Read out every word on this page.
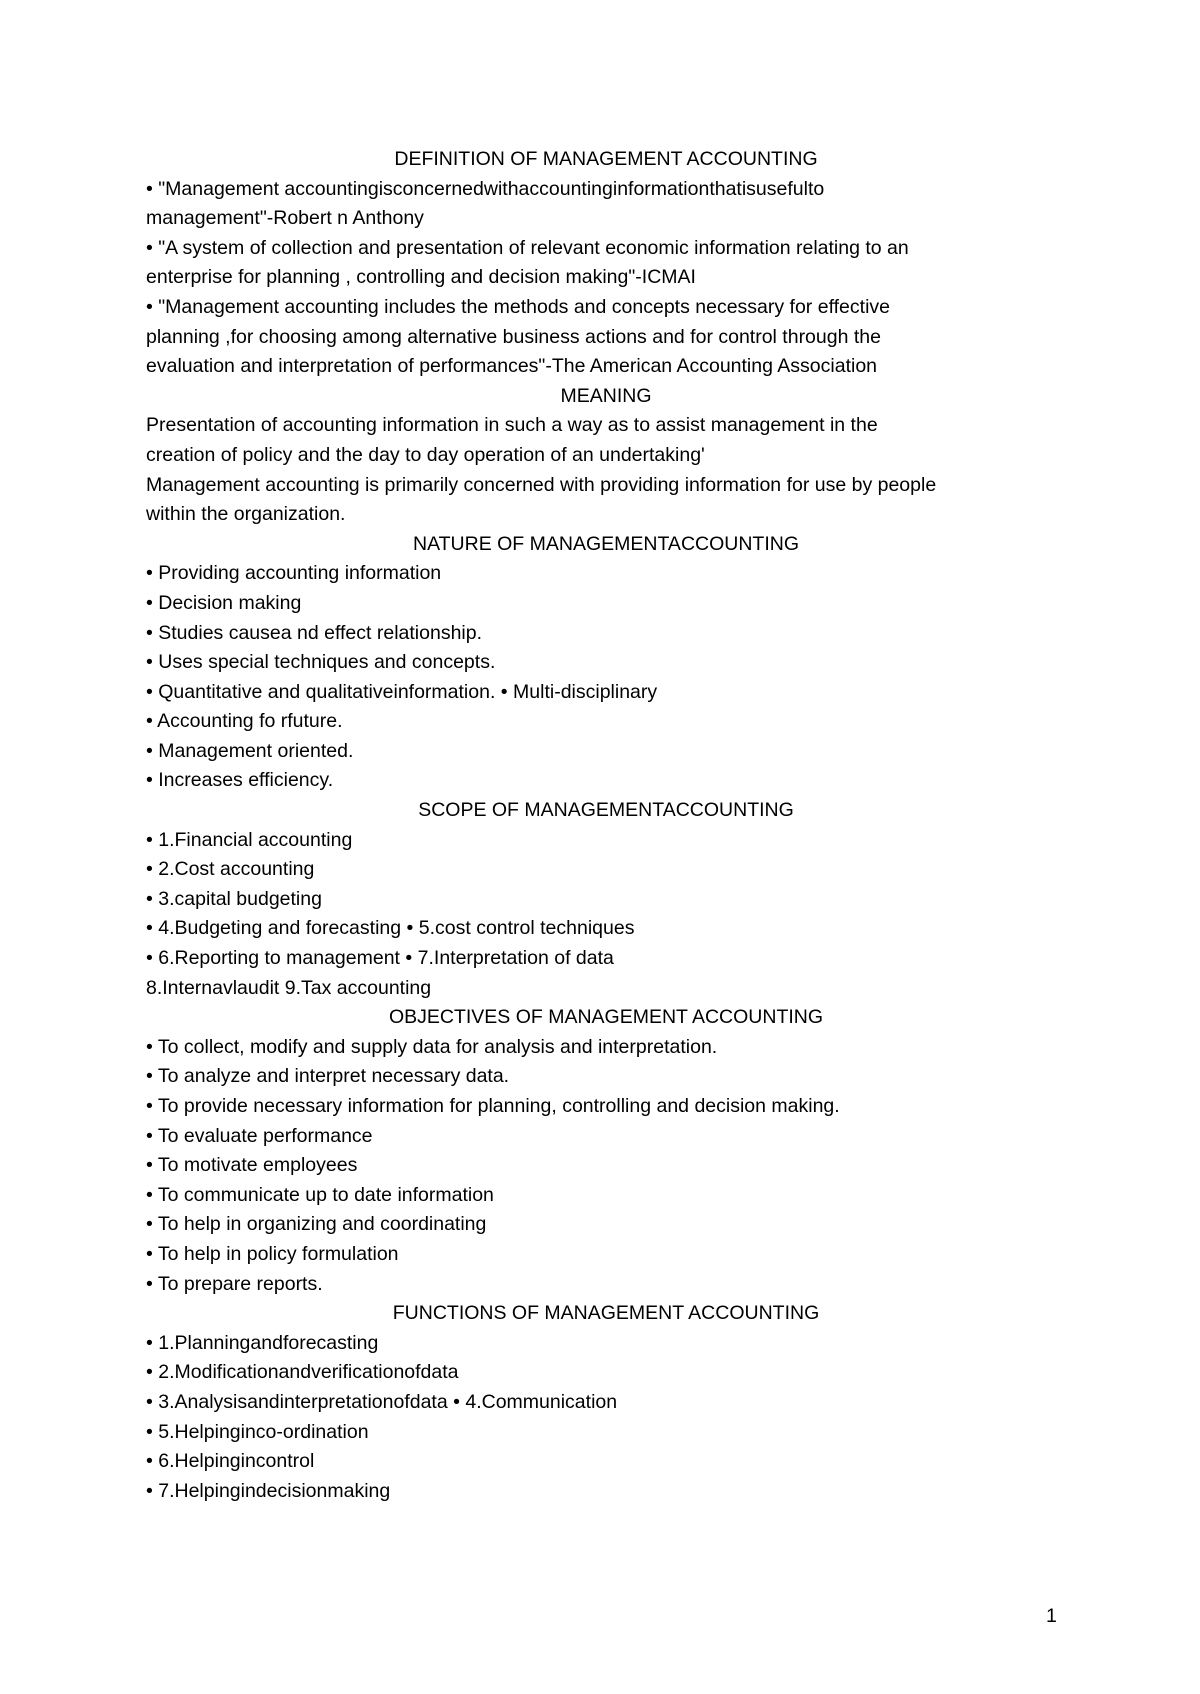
DEFINITION OF MANAGEMENT ACCOUNTING
• "Management accountingisconcernedwithaccountinginformationthatisusefulto
management"-Robert n Anthony
• "A system of collection and presentation of relevant economic information relating to an
enterprise for planning , controlling and decision making"-ICMAI
• "Management accounting includes the methods and concepts necessary for effective
planning ,for choosing among alternative business actions and for control through the
evaluation and interpretation of performances"-The American Accounting Association
MEANING
Presentation of accounting information in such a way as to assist management in the
creation of policy and the day to day operation of an undertaking'
Management accounting is primarily concerned with providing information for use by people
within the organization.
NATURE OF MANAGEMENTACCOUNTING
• Providing accounting information
• Decision making
• Studies causea nd effect relationship.
• Uses special techniques and concepts.
• Quantitative and qualitativeinformation. • Multi-disciplinary
• Accounting fo rfuture.
• Management oriented.
• Increases efficiency.
SCOPE OF MANAGEMENTACCOUNTING
• 1.Financial accounting
• 2.Cost accounting
• 3.capital budgeting
• 4.Budgeting and forecasting • 5.cost control techniques
• 6.Reporting to management • 7.Interpretation of data
8.Internavlaudit 9.Tax accounting
OBJECTIVES OF MANAGEMENT ACCOUNTING
• To collect, modify and supply data for analysis and interpretation.
• To analyze and interpret necessary data.
• To provide necessary information for planning, controlling and decision making.
• To evaluate performance
• To motivate employees
• To communicate up to date information
• To help in organizing and coordinating
• To help in policy formulation
• To prepare reports.
FUNCTIONS OF MANAGEMENT ACCOUNTING
• 1.Planningandforecasting
• 2.Modificationandverificationofdata
• 3.Analysisandinterpretationofdata • 4.Communication
• 5.Helpinginco-ordination
• 6.Helpingincontrol
• 7.Helpingindecisionmaking
1
